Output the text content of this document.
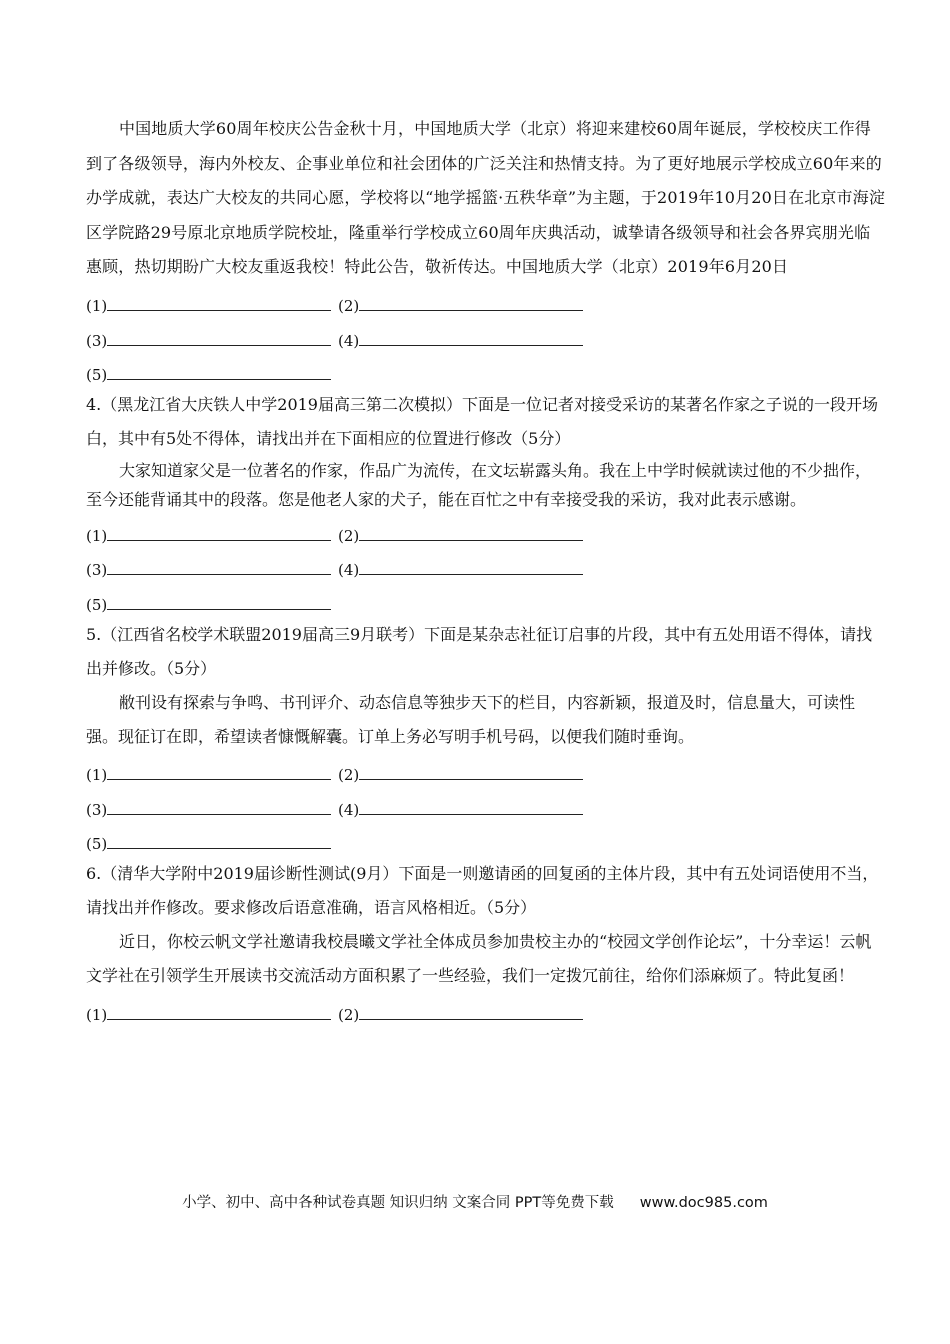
中国地质大学60周年校庆公告金秋十月，中国地质大学（北京）将迎来建校60周年诞辰，学校校庆工作得到了各级领导，海内外校友、企事业单位和社会团体的广泛关注和热情支持。为了更好地展示学校成立60年来的办学成就，表达广大校友的共同心愿，学校将以“地学摇篮·五秩华章”为主题，于2019年10月20日在北京市海淀区学院路29号原北京地质学院校址，隆重举行学校成立60周年庆典活动，诚挚请各级领导和社会各界宾朋光临惠顾，热切期盼广大校友重返我校！特此公告，敬祈传达。中国地质大学（北京）2019年6月20日

(1)	(2)
(3)	(4)
(5)

4.（黑龙江省大庆铁人中学2019届高三第二次模拟）下面是一位记者对接受采访的某著名作家之子说的一段开场白，其中有5处不得体，请找出并在下面相应的位置进行修改（5分）

大家知道家父是一位著名的作家，作品广为流传，在文坛崭露头角。我在上中学时候就读过他的不少拙作，至今还能背诵其中的段落。您是他老人家的犬子，能在百忙之中有幸接受我的采访，我对此表示感谢。

(1)	(2)
(3)	(4)
(5)

5.（江西省名校学术联盟2019届高三9月联考）下面是某杂志社征订启事的片段，其中有五处用语不得体，请找出并修改。（5分）

敝刊设有探索与争鸣、书刊评介、动态信息等独步天下的栏目，内容新颖，报道及时，信息量大，可读性强。现征订在即，希望读者慷慨解囊。订单上务必写明手机号码，以便我们随时垂询。

(1)	(2)
(3)	(4)
(5)

6.（清华大学附中2019届诊断性测试(9月）下面是一则邀请函的回复函的主体片段，其中有五处词语使用不当，请找出并作修改。要求修改后语意准确，语言风格相近。（5分）

近日，你校云帆文学社邀请我校晨曦文学社全体成员参加贵校主办的“校园文学创作论坛”，十分幸运！云帆文学社在引领学生开展读书交流活动方面积累了一些经验，我们一定拨冗前往，给你们添麻烦了。特此复函！

(1)	(2)
小学、初中、高中各种试卷真题 知识归纳 文案合同 PPT等免费下载 www.doc985.com
